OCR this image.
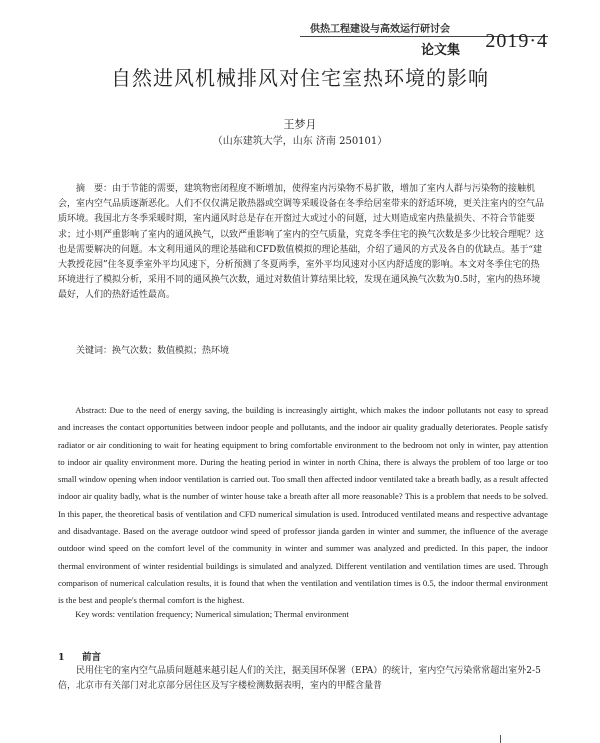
供热工程建设与高效运行研讨会
论文集 2019·4
自然进风机械排风对住宅室热环境的影响
王梦月
（山东建筑大学，山东 济南 250101）
摘　要：由于节能的需要，建筑物密闭程度不断增加，使得室内污染物不易扩散，增加了室内人群与污染物的接触机会，室内空气品质逐渐恶化。人们不仅仅满足散热器或空调等采暖设备在冬季给居室带来的舒适环境，更关注室内的空气品质环境。我国北方冬季采暖时期，室内通风时总是存在开窗过大或过小的问题，过大则造成室内热量损失、不符合节能要求；过小则严重影响了室内的通风换气，以致严重影响了室内的空气质量，究竟冬季住宅的换气次数是多少比较合理呢？这也是需要解决的问题。本文利用通风的理论基础和CFD数值模拟的理论基础，介绍了通风的方式及各自的优缺点。基于“建大教授花园”住冬夏季室外平均风速下，分析预测了冬夏两季，室外平均风速对小区内舒适度的影响。本文对冬季住宅的热环境进行了模拟分析，采用不同的通风换气次数，通过对数值计算结果比较，发现在通风换气次数为0.5时，室内的热环境最好，人们的热舒适性最高。
关键词：换气次数；数值模拟；热环境
Abstract: Due to the need of energy saving, the building is increasingly airtight, which makes the indoor pollutants not easy to spread and increases the contact opportunities between indoor people and pollutants, and the indoor air quality gradually deteriorates. People satisfy radiator or air conditioning to wait for heating equipment to bring comfortable environment to the bedroom not only in winter, pay attention to indoor air quality environment more. During the heating period in winter in north China, there is always the problem of too large or too small window opening when indoor ventilation is carried out. Too small then affected indoor ventilated take a breath badly, as a result affected indoor air quality badly, what is the number of winter house take a breath after all more reasonable? This is a problem that needs to be solved. In this paper, the theoretical basis of ventilation and CFD numerical simulation is used. Introduced ventilated means and respective advantage and disadvantage. Based on the average outdoor wind speed of professor jianda garden in winter and summer, the influence of the average outdoor wind speed on the comfort level of the community in winter and summer was analyzed and predicted. In this paper, the indoor thermal environment of winter residential buildings is simulated and analyzed. Different ventilation and ventilation times are used. Through comparison of numerical calculation results, it is found that when the ventilation and ventilation times is 0.5, the indoor thermal environment is the best and people's thermal comfort is the highest.
Key words: ventilation frequency; Numerical simulation; Thermal environment
1 前言
民用住宅的室内空气品质问题越来越引起人们的关注，据美国环保署（EPA）的统计，室内空气污染常常超出室外2-5倍，北京市有关部门对北京部分居住区及写字楼检测数据表明，室内的甲醛含量普
